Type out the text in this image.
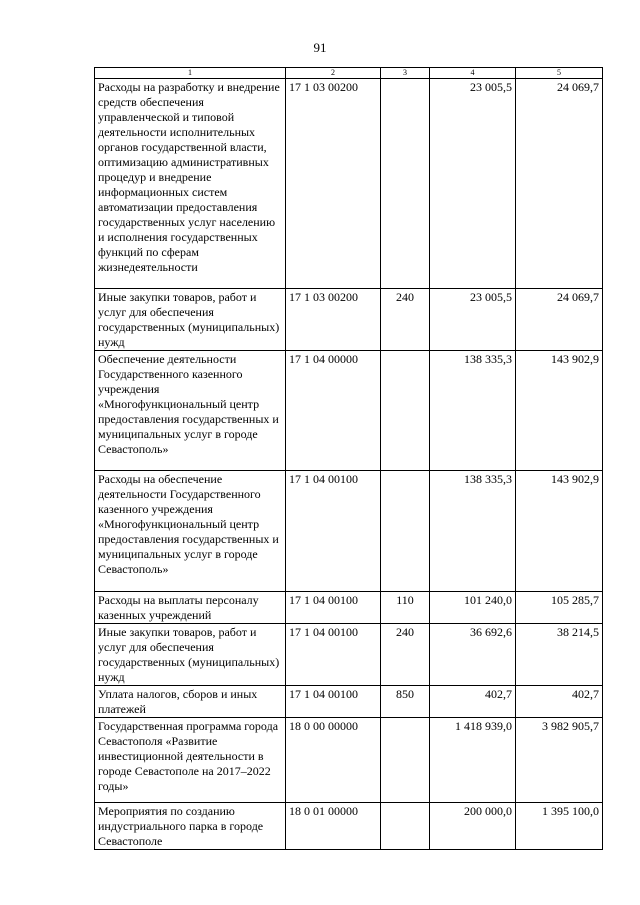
91
1	2	3	4	5
Расходы на разработку и внедрение средств обеспечения управленческой и типовой деятельности исполнительных органов государственной власти, оптимизацию административных процедур и внедрение информационных систем автоматизации предоставления государственных услуг населению и исполнения государственных функций по сферам жизнедеятельности	17 1 03 00200		23 005,5	24 069,7
Иные закупки товаров, работ и услуг для обеспечения государственных (муниципальных) нужд	17 1 03 00200	240	23 005,5	24 069,7
Обеспечение деятельности Государственного казенного учреждения «Многофункциональный центр предоставления государственных и муниципальных услуг в городе Севастополь»	17 1 04 00000		138 335,3	143 902,9
Расходы на обеспечение деятельности Государственного казенного учреждения «Многофункциональный центр предоставления государственных и муниципальных услуг в городе Севастополь»	17 1 04 00100		138 335,3	143 902,9
Расходы на выплаты персоналу казенных учреждений	17 1 04 00100	110	101 240,0	105 285,7
Иные закупки товаров, работ и услуг для обеспечения государственных (муниципальных) нужд	17 1 04 00100	240	36 692,6	38 214,5
Уплата налогов, сборов и иных платежей	17 1 04 00100	850	402,7	402,7
Государственная программа города Севастополя «Развитие инвестиционной деятельности в городе Севастополе на 2017–2022 годы»	18 0 00 00000		1 418 939,0	3 982 905,7
Мероприятия по созданию индустриального парка в городе Севастополе	18 0 01 00000		200 000,0	1 395 100,0
